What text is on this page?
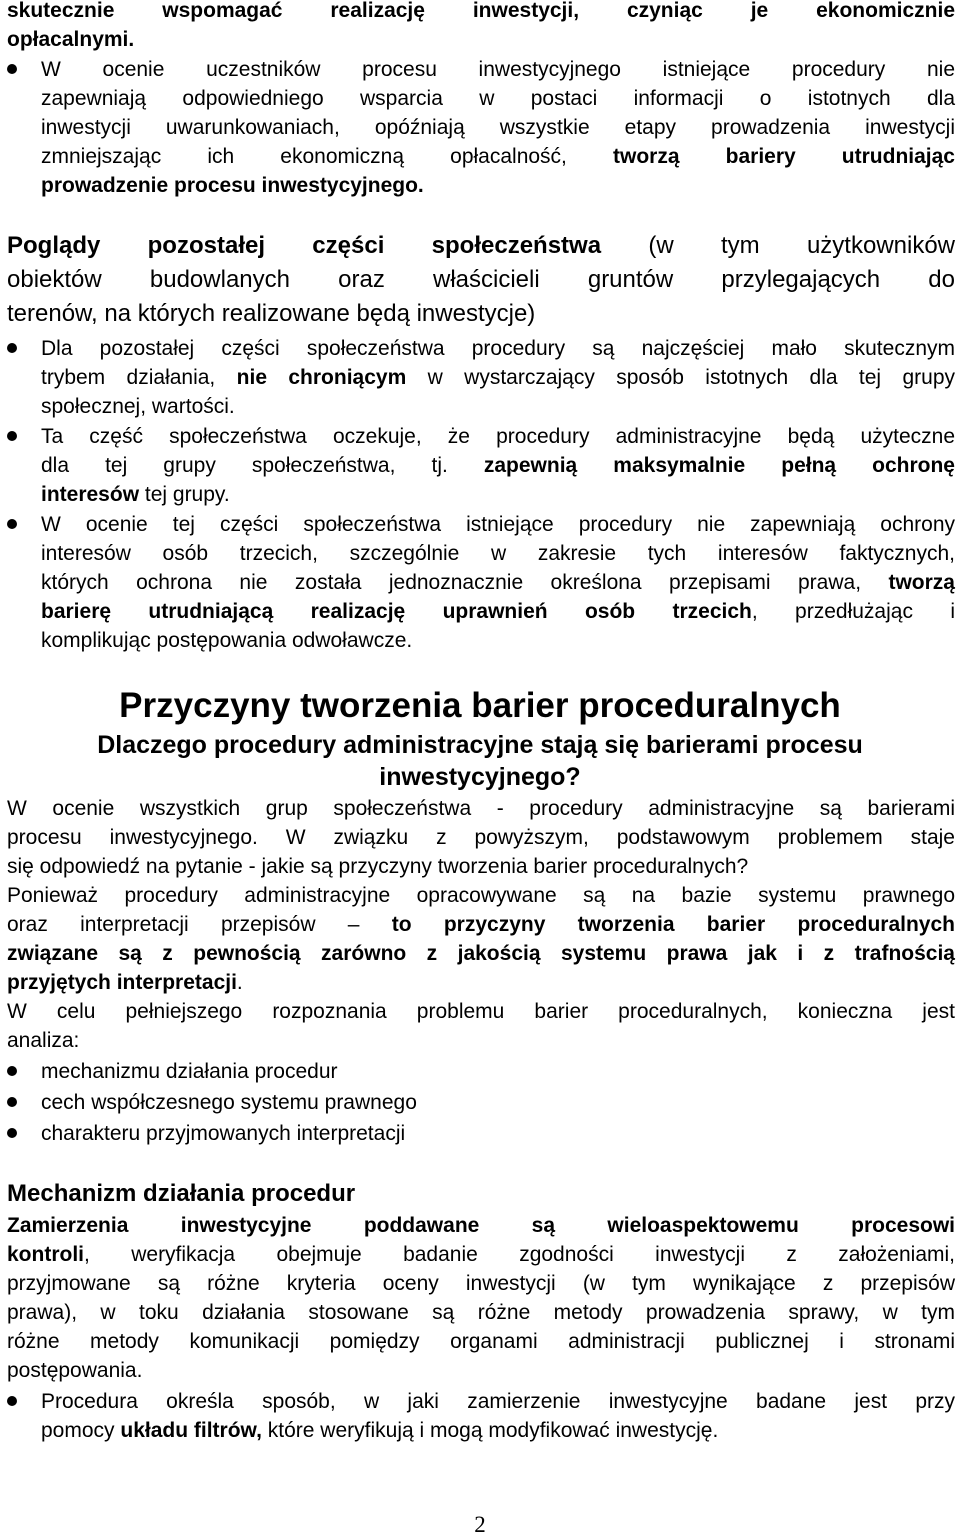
skutecznie wspomagać realizację inwestycji, czyniąc je ekonomicznie
opłacalnymi.
W ocenie uczestników procesu inwestycyjnego istniejące procedury nie
zapewniają odpowiedniego wsparcia w postaci informacji o istotnych dla
inwestycji uwarunkowaniach, opóźniają wszystkie etapy prowadzenia inwestycji
zmniejszając ich ekonomiczną opłacalność, tworzą bariery utrudniając
prowadzenie procesu inwestycyjnego.
Poglądy pozostałej części społeczeństwa (w tym użytkowników
obiektów budowlanych oraz właścicieli gruntów przylegających do
terenów, na których realizowane będą inwestycje)
Dla pozostałej części społeczeństwa procedury są najczęściej mało skutecznym
trybem działania, nie chroniącym w wystarczający sposób istotnych dla tej grupy
społecznej, wartości.
Ta część społeczeństwa oczekuje, że procedury administracyjne będą użyteczne
dla tej grupy społeczeństwa, tj. zapewnią maksymalnie pełną ochronę
interesów tej grupy.
W ocenie tej części społeczeństwa istniejące procedury nie zapewniają ochrony
interesów osób trzecich, szczególnie w zakresie tych interesów faktycznych,
których ochrona nie została jednoznacznie określona przepisami prawa, tworzą
barierę utrudniającą realizację uprawnień osób trzecich, przedłużając i
komplikując postępowania odwoławcze.
Przyczyny tworzenia barier proceduralnych
Dlaczego procedury administracyjne stają się barierami procesu
inwestycyjnego?
W ocenie wszystkich grup społeczeństwa - procedury administracyjne są barierami
procesu inwestycyjnego. W związku z powyższym, podstawowym problemem staje
się odpowiedź na pytanie - jakie są przyczyny tworzenia barier proceduralnych?
Ponieważ procedury administracyjne opracowywane są na bazie systemu prawnego
oraz interpretacji przepisów – to przyczyny tworzenia barier proceduralnych
związane są z pewnością zarówno z jakością systemu prawa jak i z trafnością
przyjętych interpretacji.
W celu pełniejszego rozpoznania problemu barier proceduralnych, konieczna jest
analiza:
mechanizmu działania procedur
cech współczesnego systemu prawnego
charakteru przyjmowanych interpretacji
Mechanizm działania procedur
Zamierzenia inwestycyjne poddawane są wieloaspektowemu procesowi
kontroli, weryfikacja obejmuje badanie zgodności inwestycji z założeniami,
przyjmowane są różne kryteria oceny inwestycji (w tym wynikające z przepisów
prawa), w toku działania stosowane są różne metody prowadzenia sprawy, w tym
różne metody komunikacji pomiędzy organami administracji publicznej i stronami
postępowania.
Procedura określa sposób, w jaki zamierzenie inwestycyjne badane jest przy
pomocy układu filtrów, które weryfikują i mogą modyfikować inwestycję.
2
